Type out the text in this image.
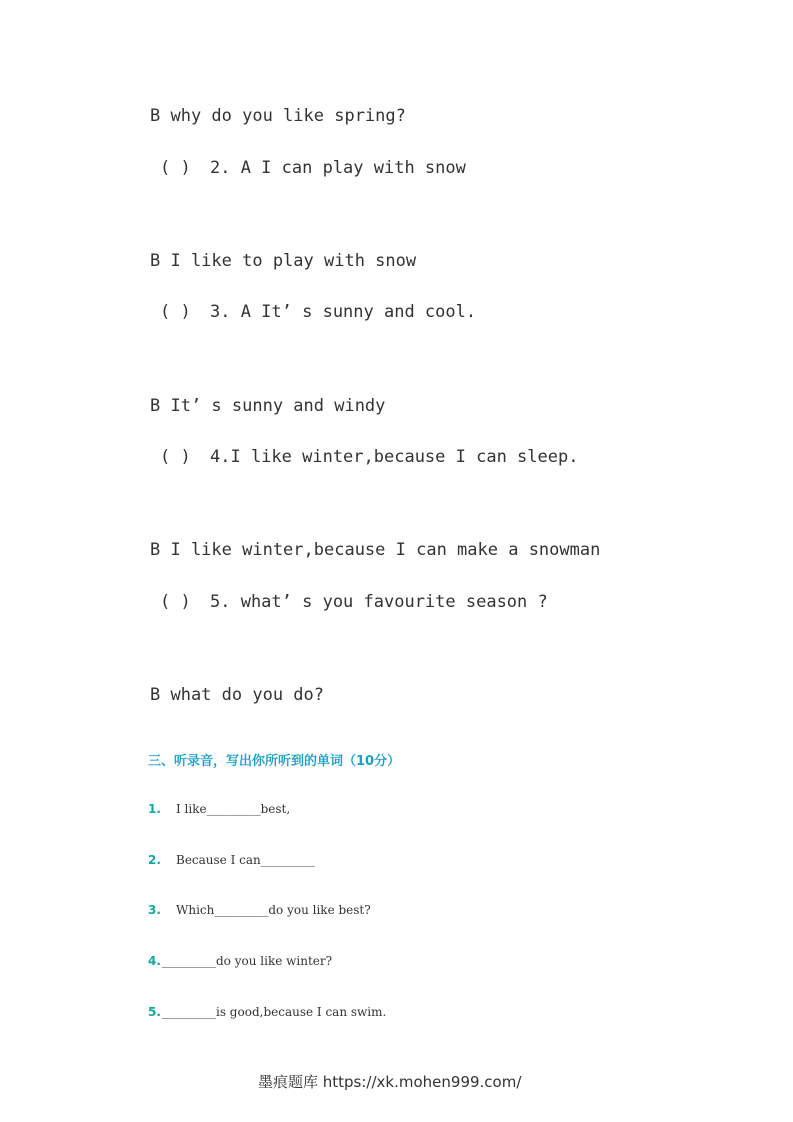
B why do you like spring?
( ) 2. A I can play with snow
B I like to play with snow
( ) 3. A It’ s sunny and cool.
B It’ s sunny and windy
( ) 4.I like winter,because I can sleep.
B I like winter,because I can make a snowman
( ) 5. what’ s you favourite season ?
B what do you do?
三、听录音，写出你所听到的单词（10分）
1. I like_________best,
2. Because I can_________
3. Which_________do you like best?
4. _________do you like winter?
5. _________is good,because I can swim.
墨痕题库 https://xk.mohen999.com/
